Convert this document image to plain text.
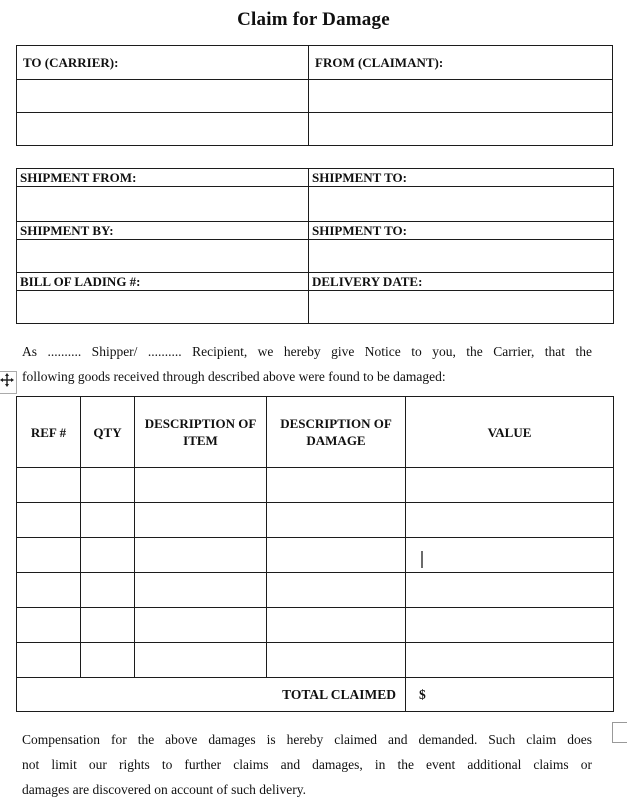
Claim for Damage
TO (CARRIER):	FROM (CLAIMANT):

SHIPMENT FROM:	SHIPMENT TO:

SHIPMENT BY:	SHIPMENT TO:

BILL OF LADING #:	DELIVERY DATE:

As .......... Shipper/ .......... Recipient, we hereby give Notice to you, the Carrier, that the
following goods received through described above were found to be damaged:
REF #	QTY	DESCRIPTION OF ITEM	DESCRIPTION OF DAMAGE	VALUE

TOTAL CLAIMED				$
Compensation for the above damages is hereby claimed and demanded. Such claim does
not limit our rights to further claims and damages, in the event additional claims or
damages are discovered on account of such delivery.
